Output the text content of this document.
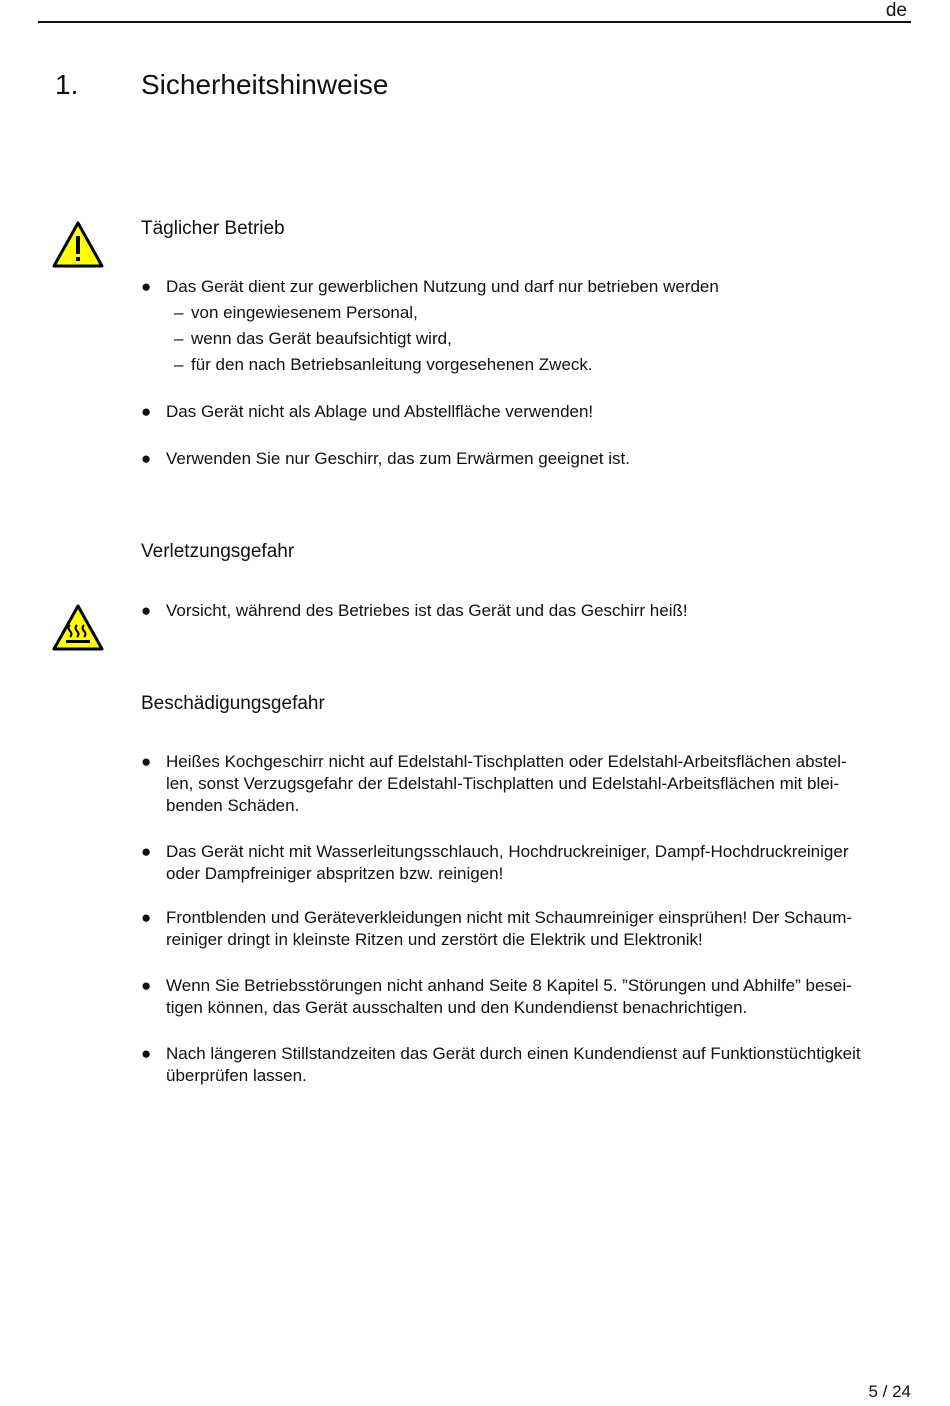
de
1. Sicherheitshinweise
Täglicher Betrieb
● Das Gerät dient zur gewerblichen Nutzung und darf nur betrieben werden
– von eingewiesenem Personal,
– wenn das Gerät beaufsichtigt wird,
– für den nach Betriebsanleitung vorgesehenen Zweck.
● Das Gerät nicht als Ablage und Abstellfläche verwenden!
● Verwenden Sie nur Geschirr, das zum Erwärmen geeignet ist.
Verletzungsgefahr
● Vorsicht, während des Betriebes ist das Gerät und das Geschirr heiß!
Beschädigungsgefahr
● Heißes Kochgeschirr nicht auf Edelstahl-Tischplatten oder Edelstahl-Arbeitsflächen abstel-
len, sonst Verzugsgefahr der Edelstahl-Tischplatten und Edelstahl-Arbeitsflächen mit blei-
benden Schäden.
● Das Gerät nicht mit Wasserleitungsschlauch, Hochdruckreiniger, Dampf-Hochdruckreiniger
oder Dampfreiniger abspritzen bzw. reinigen!
● Frontblenden und Geräteverkleidungen nicht mit Schaumreiniger einsprühen! Der Schaum-
reiniger dringt in kleinste Ritzen und zerstört die Elektrik und Elektronik!
● Wenn Sie Betriebsstörungen nicht anhand Seite 8 Kapitel 5. ”Störungen und Abhilfe” besei-
tigen können, das Gerät ausschalten und den Kundendienst benachrichtigen.
● Nach längeren Stillstandzeiten das Gerät durch einen Kundendienst auf Funktionstüchtigkeit
überprüfen lassen.
5 / 24
